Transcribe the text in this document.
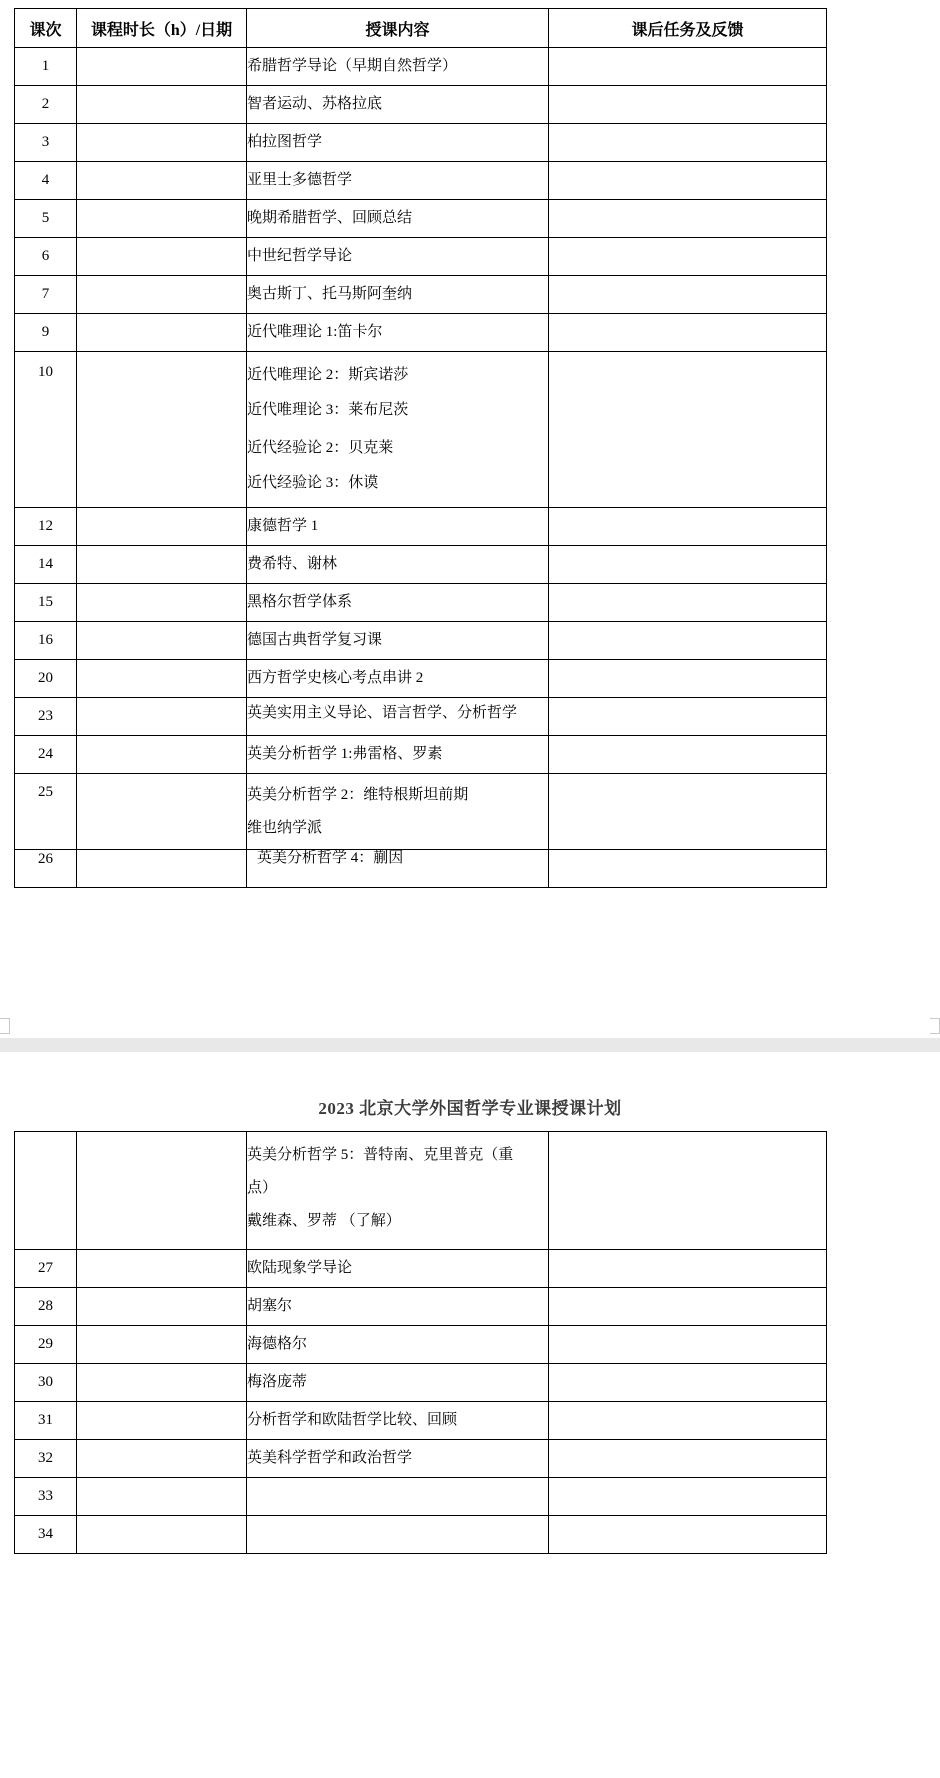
课次	课程时长（h）/日期	授课内容	课后任务及反馈
1		希腊哲学导论（早期自然哲学）	

2		智者运动、苏格拉底	

3		柏拉图哲学	

4		亚里士多德哲学	

5		晚期希腊哲学、回顾总结	

6		中世纪哲学导论	

7		奥古斯丁、托马斯阿奎纳	

9		近代唯理论 1:笛卡尔	

10		近代唯理论 2：斯宾诺莎
近代唯理论 3：莱布尼茨
近代经验论 2：贝克莱
近代经验论 3：休谟	

12		康德哲学 1	

14		费希特、谢林	

15		黑格尔哲学体系	

16		德国古典哲学复习课	

20		西方哲学史核心考点串讲 2	

23		英美实用主义导论、语言哲学、分析哲学	

24		英美分析哲学 1:弗雷格、罗素	

25		英美分析哲学 2：维特根斯坦前期
维也纳学派	

26		英美分析哲学 4：蒯因	

2023 北京大学外国哲学专业课授课计划

		英美分析哲学 5：普特南、克里普克（重
点）
戴维森、罗蒂 （了解）	

27		欧陆现象学导论	

28		胡塞尔	

29		海德格尔	

30		梅洛庞蒂	

31		分析哲学和欧陆哲学比较、回顾	

32		英美科学哲学和政治哲学	

33			
34			
